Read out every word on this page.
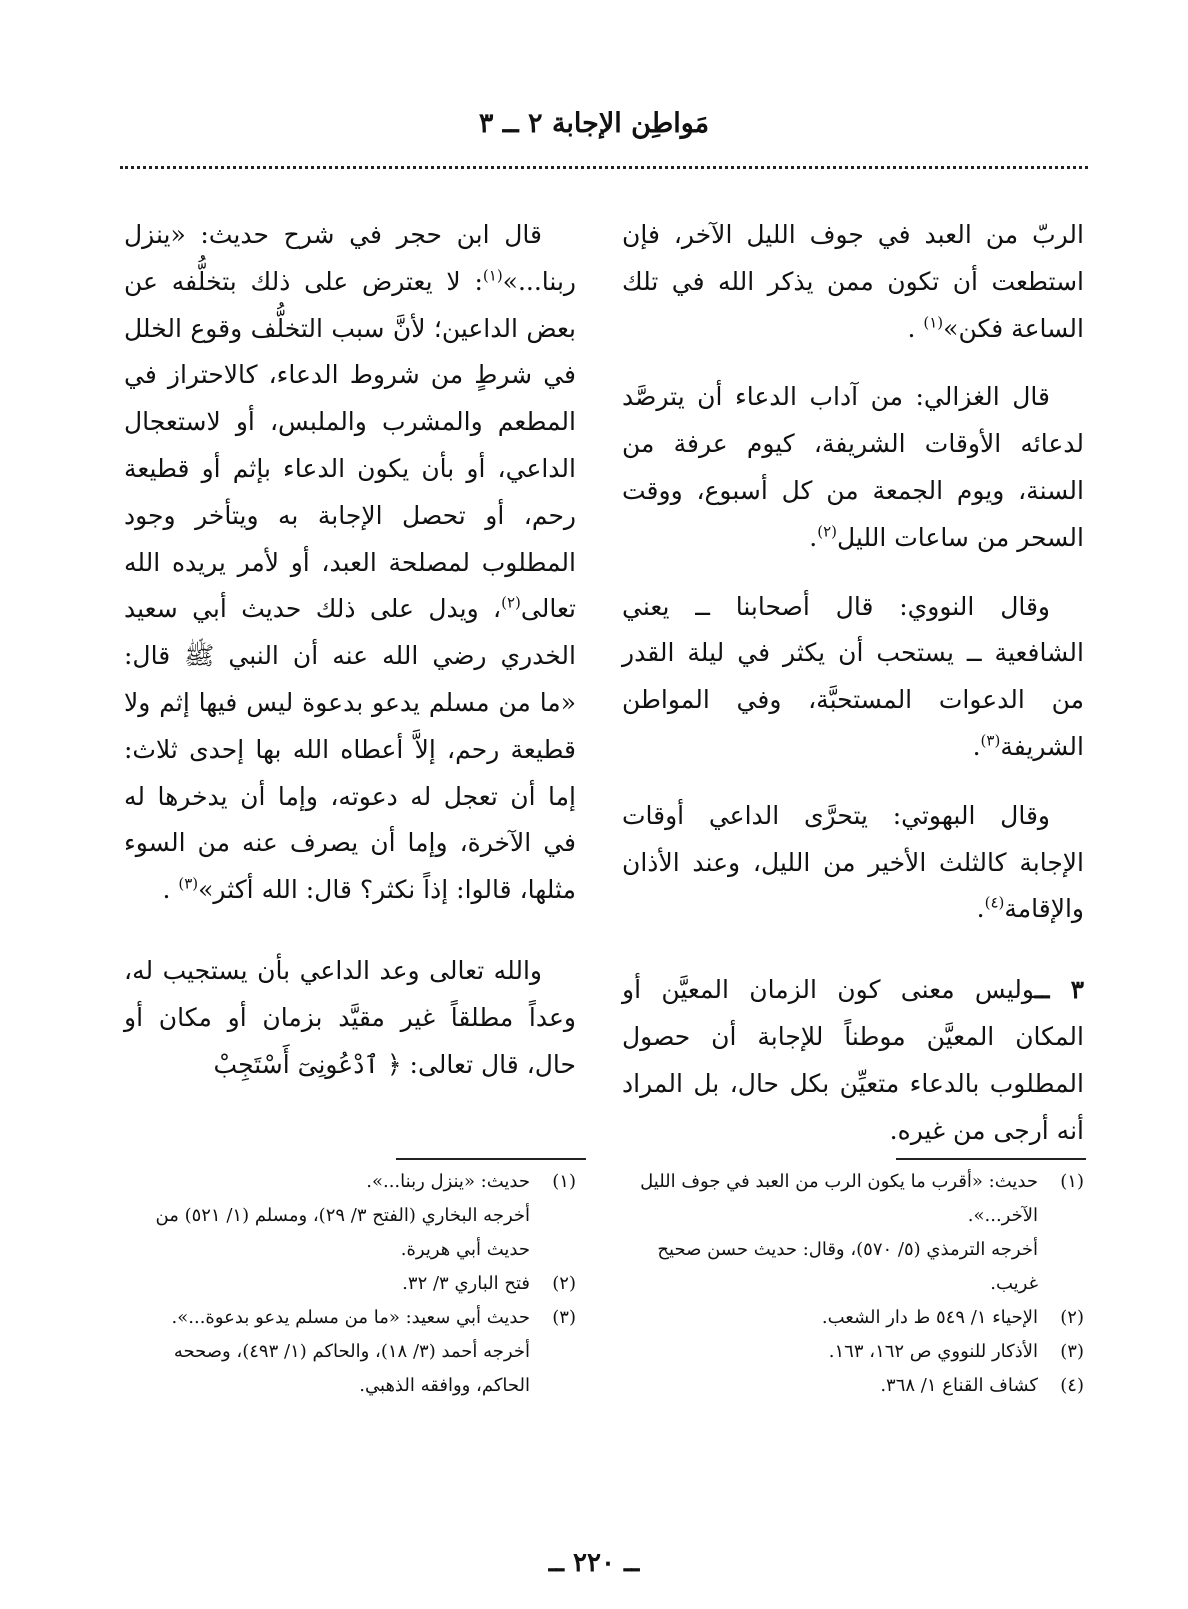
مَواطِن الإجابة ٢ ــ ٣

الربّ من العبد في جوف الليل الآخر، فإن استطعت أن تكون ممن يذكر الله في تلك الساعة فكن»$^{(١)}$ .

قال الغزالي: من آداب الدعاء أن يترصَّد لدعائه الأوقات الشريفة، كيوم عرفة من السنة، ويوم الجمعة من كل أسبوع، ووقت السحر من ساعات الليل$^{(٢)}$.

وقال النووي: قال أصحابنا ــ يعني الشافعية ــ يستحب أن يكثر في ليلة القدر من الدعوات المستحبَّة، وفي المواطن الشريفة$^{(٣)}$.

وقال البهوتي: يتحرَّى الداعي أوقات الإجابة كالثلث الأخير من الليل، وعند الأذان والإقامة$^{(٤)}$.

٣ ــوليس معنى كون الزمان المعيَّن أو المكان المعيَّن موطناً للإجابة أن حصول المطلوب بالدعاء متعيِّن بكل حال، بل المراد أنه أرجى من غيره.

قال ابن حجر في شرح حديث: «ينزل ربنا...»$^{(١)}$: لا يعترض على ذلك بتخلُّفه عن بعض الداعين؛ لأنَّ سبب التخلُّف وقوع الخلل في شرطٍ من شروط الدعاء، كالاحتراز في المطعم والمشرب والملبس، أو لاستعجال الداعي، أو بأن يكون الدعاء بإثم أو قطيعة رحم، أو تحصل الإجابة به ويتأخر وجود المطلوب لمصلحة العبد، أو لأمر يريده الله تعالى$^{(٢)}$، ويدل على ذلك حديث أبي سعيد الخدري رضي الله عنه أن النبي ﷺ قال: «ما من مسلم يدعو بدعوة ليس فيها إثم ولا قطيعة رحم، إلاَّ أعطاه الله بها إحدى ثلاث: إما أن تعجل له دعوته، وإما أن يدخرها له في الآخرة، وإما أن يصرف عنه من السوء مثلها، قالوا: إذاً نكثر؟ قال: الله أكثر»$^{(٣)}$ .

والله تعالى وعد الداعي بأن يستجيب له، وعداً مطلقاً غير مقيَّد بزمان أو مكان أو حال، قال تعالى: ﴿ ٱدْعُونِىٓ أَسْتَجِبْ

(١)
حديث: «أقرب ما يكون الرب من العبد في جوف الليل الآخر...».
أخرجه الترمذي (٥/ ٥٧٠)، وقال: حديث حسن صحيح غريب.
(٢)
الإحياء ١/ ٥٤٩ ط دار الشعب.
(٣)
الأذكار للنووي ص ١٦٢، ١٦٣.
(٤)
كشاف القناع ١/ ٣٦٨.
(١)
حديث: «ينزل ربنا...».
أخرجه البخاري (الفتح ٣/ ٢٩)، ومسلم (١/ ٥٢١) من حديث أبي هريرة.
(٢)
فتح الباري ٣/ ٣٢.
(٣)
حديث أبي سعيد: «ما من مسلم يدعو بدعوة...».
أخرجه أحمد (٣/ ١٨)، والحاكم (١/ ٤٩٣)، وصححه الحاكم، ووافقه الذهبي.
ــ ٢٢٠ ــ
